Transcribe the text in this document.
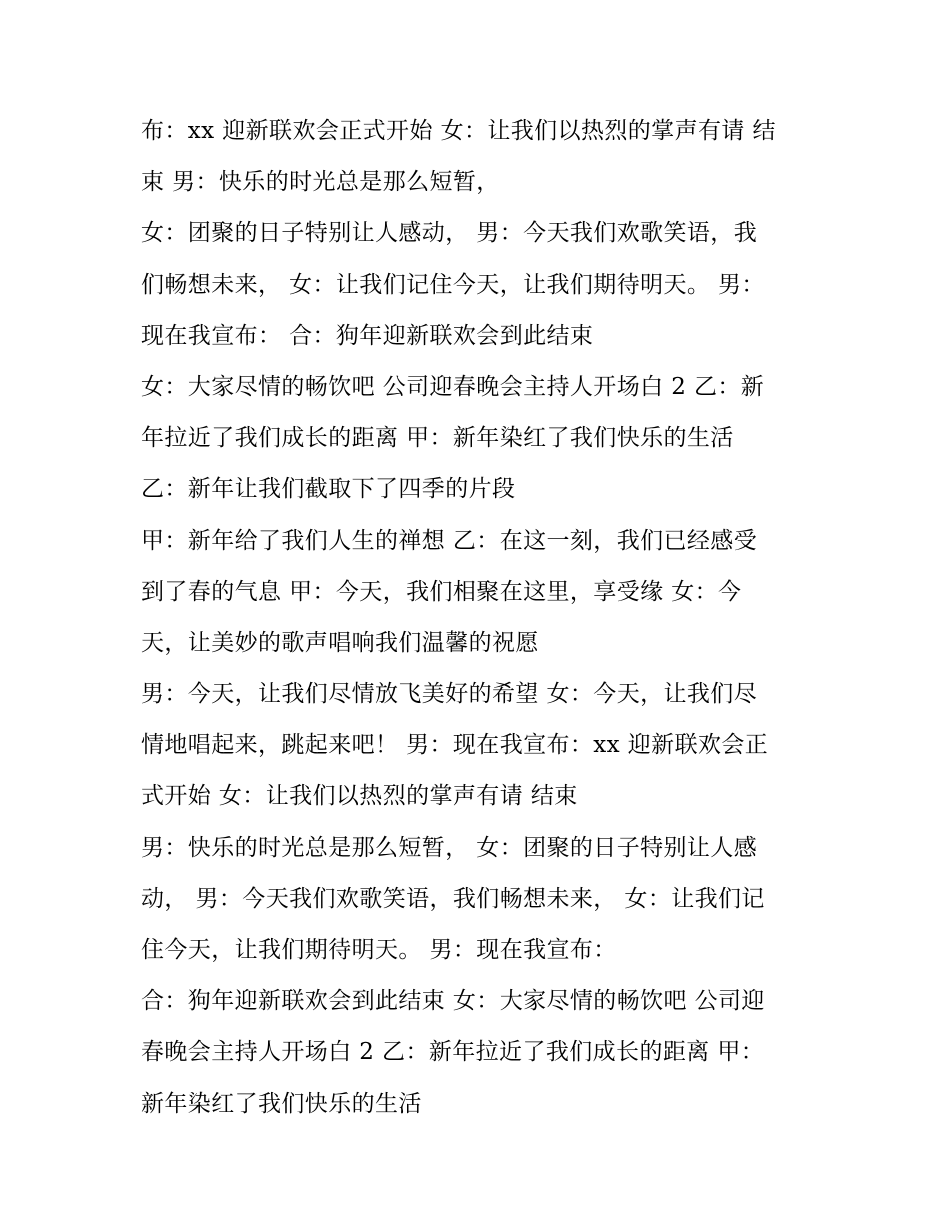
布：xx 迎新联欢会正式开始 女：让我们以热烈的掌声有请 结
束 男：快乐的时光总是那么短暂，
女：团聚的日子特别让人感动， 男：今天我们欢歌笑语，我
们畅想未来， 女：让我们记住今天，让我们期待明天。 男：
现在我宣布： 合：狗年迎新联欢会到此结束
女：大家尽情的畅饮吧 公司迎春晚会主持人开场白 2 乙：新
年拉近了我们成长的距离 甲：新年染红了我们快乐的生活
乙：新年让我们截取下了四季的片段
甲：新年给了我们人生的禅想 乙：在这一刻，我们已经感受
到了春的气息 甲：今天，我们相聚在这里，享受缘 女：今
天，让美妙的歌声唱响我们温馨的祝愿
男：今天，让我们尽情放飞美好的希望 女：今天，让我们尽
情地唱起来，跳起来吧！ 男：现在我宣布：xx 迎新联欢会正
式开始 女：让我们以热烈的掌声有请 结束
男：快乐的时光总是那么短暂， 女：团聚的日子特别让人感
动， 男：今天我们欢歌笑语，我们畅想未来， 女：让我们记
住今天，让我们期待明天。 男：现在我宣布：
合：狗年迎新联欢会到此结束 女：大家尽情的畅饮吧 公司迎
春晚会主持人开场白 2 乙：新年拉近了我们成长的距离 甲：
新年染红了我们快乐的生活
